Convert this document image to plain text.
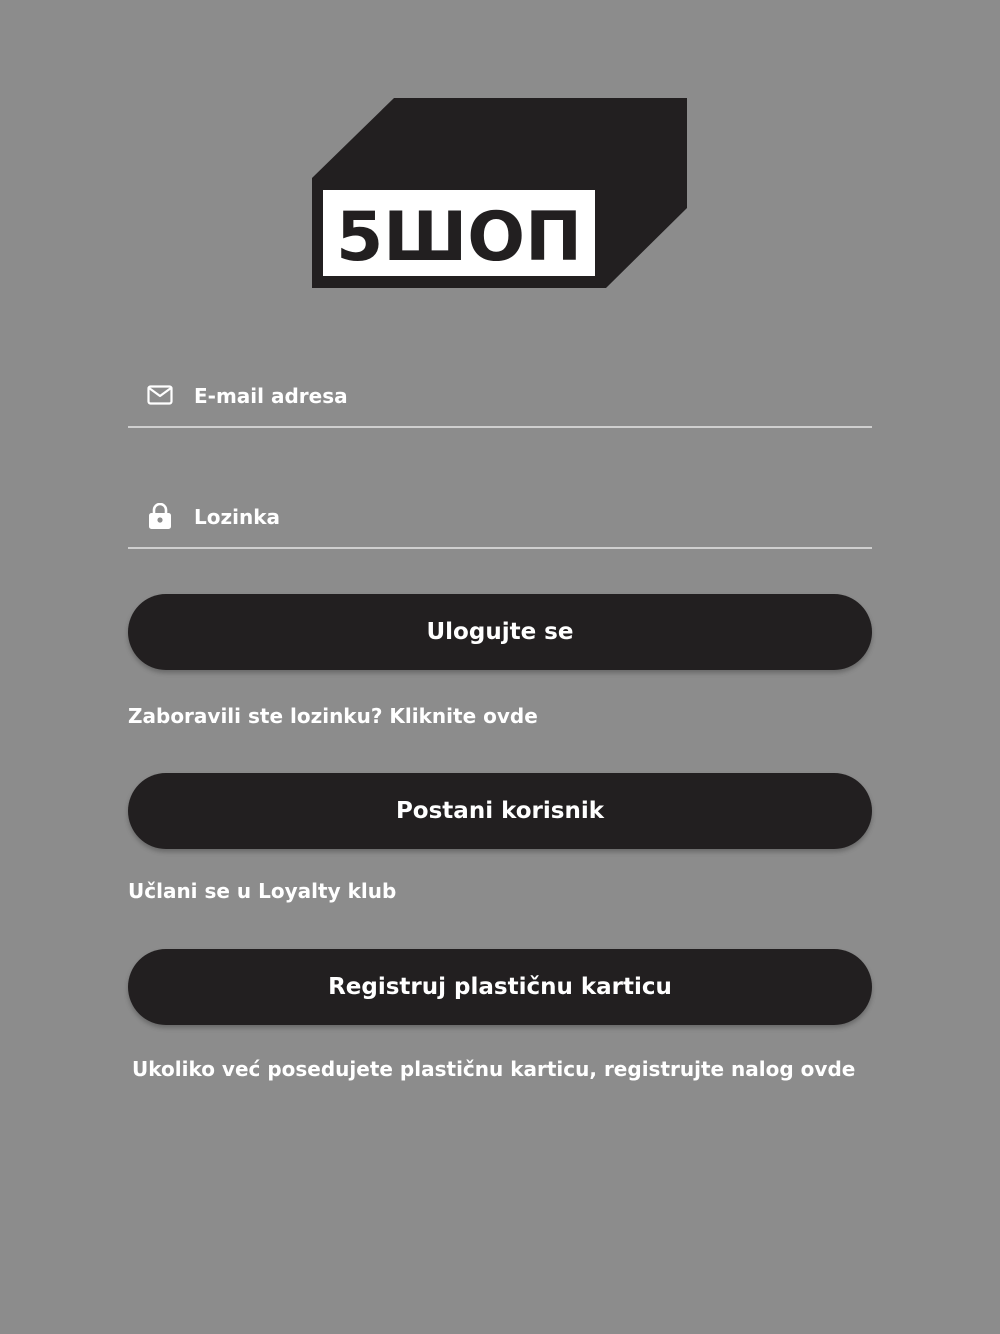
5ШОП
E-mail adresa
Ulogujte se
Zaboravili ste lozinku? Kliknite ovde
Postani korisnik
Učlani se u Loyalty klub
Registruj plastičnu karticu
Ukoliko već posedujete plastičnu karticu, registrujte nalog ovde
